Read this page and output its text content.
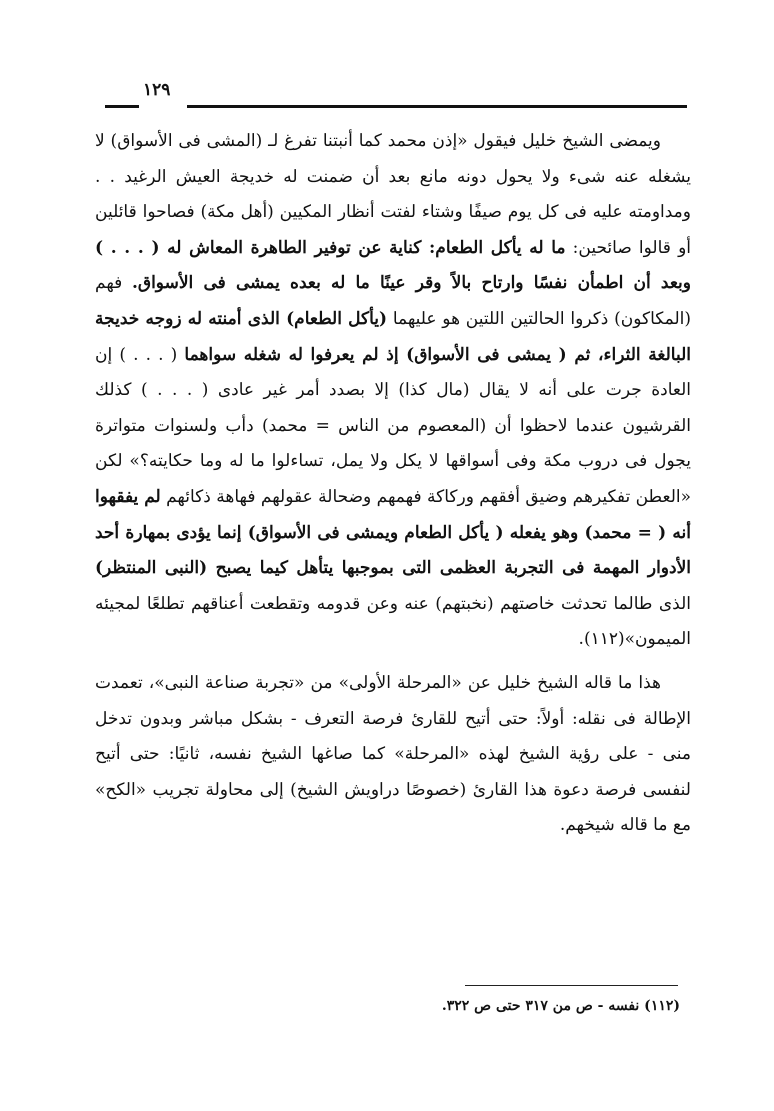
١٢٩

ويمضى الشيخ خليل فيقول «إذن محمد كما أنبتنا تفرغ لـ (المشى فى الأسواق) لا يشغله عنه شىء ولا يحول دونه مانع بعد أن ضمنت له خديجة العيش الرغيد . . ومداومته عليه فى كل يوم صيفًا وشتاء لفتت أنظار المكيين (أهل مكة) فصاحوا قائلين أو قالوا صائحين: ما له يأكل الطعام: كناية عن توفير الطاهرة المعاش له ( . . . ) وبعد أن اطمأن نفسًا وارتاح بالاً وقر عينًا ما له بعده يمشى فى الأسواق. فهم (المكاكون) ذكروا الحالتين اللتين هو عليهما (يأكل الطعام) الذى أمنته له زوجه خديجة البالغة الثراء، ثم ( يمشى فى الأسواق) إذ لم يعرفوا له شغله سواهما ( . . . ) إن العادة جرت على أنه لا يقال (مال كذا) إلا بصدد أمر غير عادى ( . . . ) كذلك القرشيون عندما لاحظوا أن (المعصوم من الناس = محمد) دأب ولسنوات متواترة يجول فى دروب مكة وفى أسواقها لا يكل ولا يمل، تساءلوا ما له وما حكايته؟» لكن «العطن تفكيرهم وضيق أفقهم وركاكة فهمهم وضحالة عقولهم فهاهة ذكائهم لم يفقهوا أنه ( = محمد) وهو يفعله ( يأكل الطعام ويمشى فى الأسواق) إنما يؤدى بمهارة أحد الأدوار المهمة فى التجربة العظمى التى بموجبها يتأهل كيما يصبح (النبى المنتظر) الذى طالما تحدثت خاصتهم (نخبتهم) عنه وعن قدومه وتقطعت أعناقهم تطلعًا لمجيئه الميمون»(١١٢).

هذا ما قاله الشيخ خليل عن «المرحلة الأولى» من «تجربة صناعة النبى»، تعمدت الإطالة فى نقله: أولاً: حتى أتيح للقارئ فرصة التعرف - بشكل مباشر وبدون تدخل منى - على رؤية الشيخ لهذه «المرحلة» كما صاغها الشيخ نفسه، ثانيًا: حتى أتيح لنفسى فرصة دعوة هذا القارئ (خصوصًا دراويش الشيخ) إلى محاولة تجريب «الكح» مع ما قاله شيخهم.

(١١٢) نفسه - ص من ٣١٧ حتى ص ٣٢٢.
